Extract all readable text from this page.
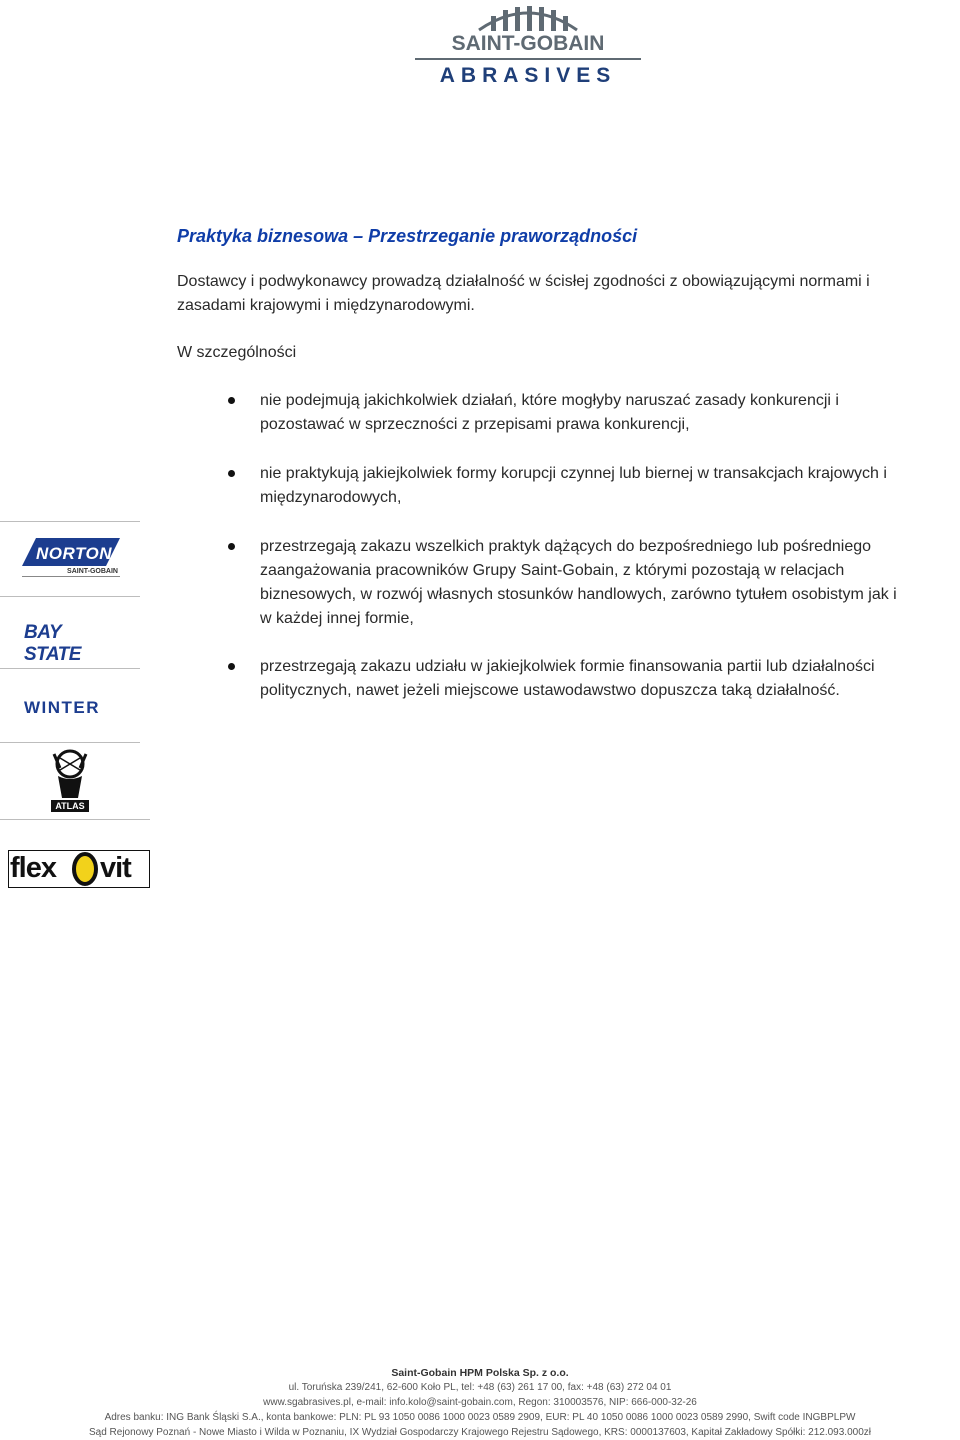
SAINT-GOBAIN
ABRASIVES
Praktyka biznesowa – Przestrzeganie praworządności
Dostawcy i podwykonawcy prowadzą działalność w ścisłej zgodności z obowiązującymi normami i zasadami krajowymi i międzynarodowymi.
W szczególności
nie podejmują jakichkolwiek działań, które mogłyby naruszać zasady konkurencji i pozostawać w sprzeczności z przepisami prawa konkurencji,
nie praktykują jakiejkolwiek formy korupcji czynnej lub biernej w transakcjach krajowych i międzynarodowych,
przestrzegają zakazu wszelkich praktyk dążących do bezpośredniego lub pośredniego zaangażowania pracowników Grupy Saint-Gobain, z którymi pozostają w relacjach biznesowych, w rozwój własnych stosunków handlowych, zarówno tytułem osobistym jak i w każdej innej formie,
przestrzegają zakazu udziału w jakiejkolwiek formie finansowania partii lub działalności politycznych, nawet jeżeli miejscowe ustawodawstwo dopuszcza taką działalność.
NORTON
SAINT-GOBAIN
BAY STATE
WINTER
ATLAS
flex vit
Saint-Gobain HPM Polska Sp. z o.o.
ul. Toruńska 239/241, 62-600 Koło PL, tel: +48 (63) 261 17 00, fax: +48 (63) 272 04 01
www.sgabrasives.pl, e-mail: info.kolo@saint-gobain.com, Regon: 310003576, NIP: 666-000-32-26
Adres banku: ING Bank Śląski S.A., konta bankowe: PLN: PL 93 1050 0086 1000 0023 0589 2909, EUR: PL 40 1050 0086 1000 0023 0589 2990, Swift code INGBPLPW
Sąd Rejonowy Poznań - Nowe Miasto i Wilda w Poznaniu, IX Wydział Gospodarczy Krajowego Rejestru Sądowego, KRS: 0000137603, Kapitał Zakładowy Spółki: 212.093.000zł
